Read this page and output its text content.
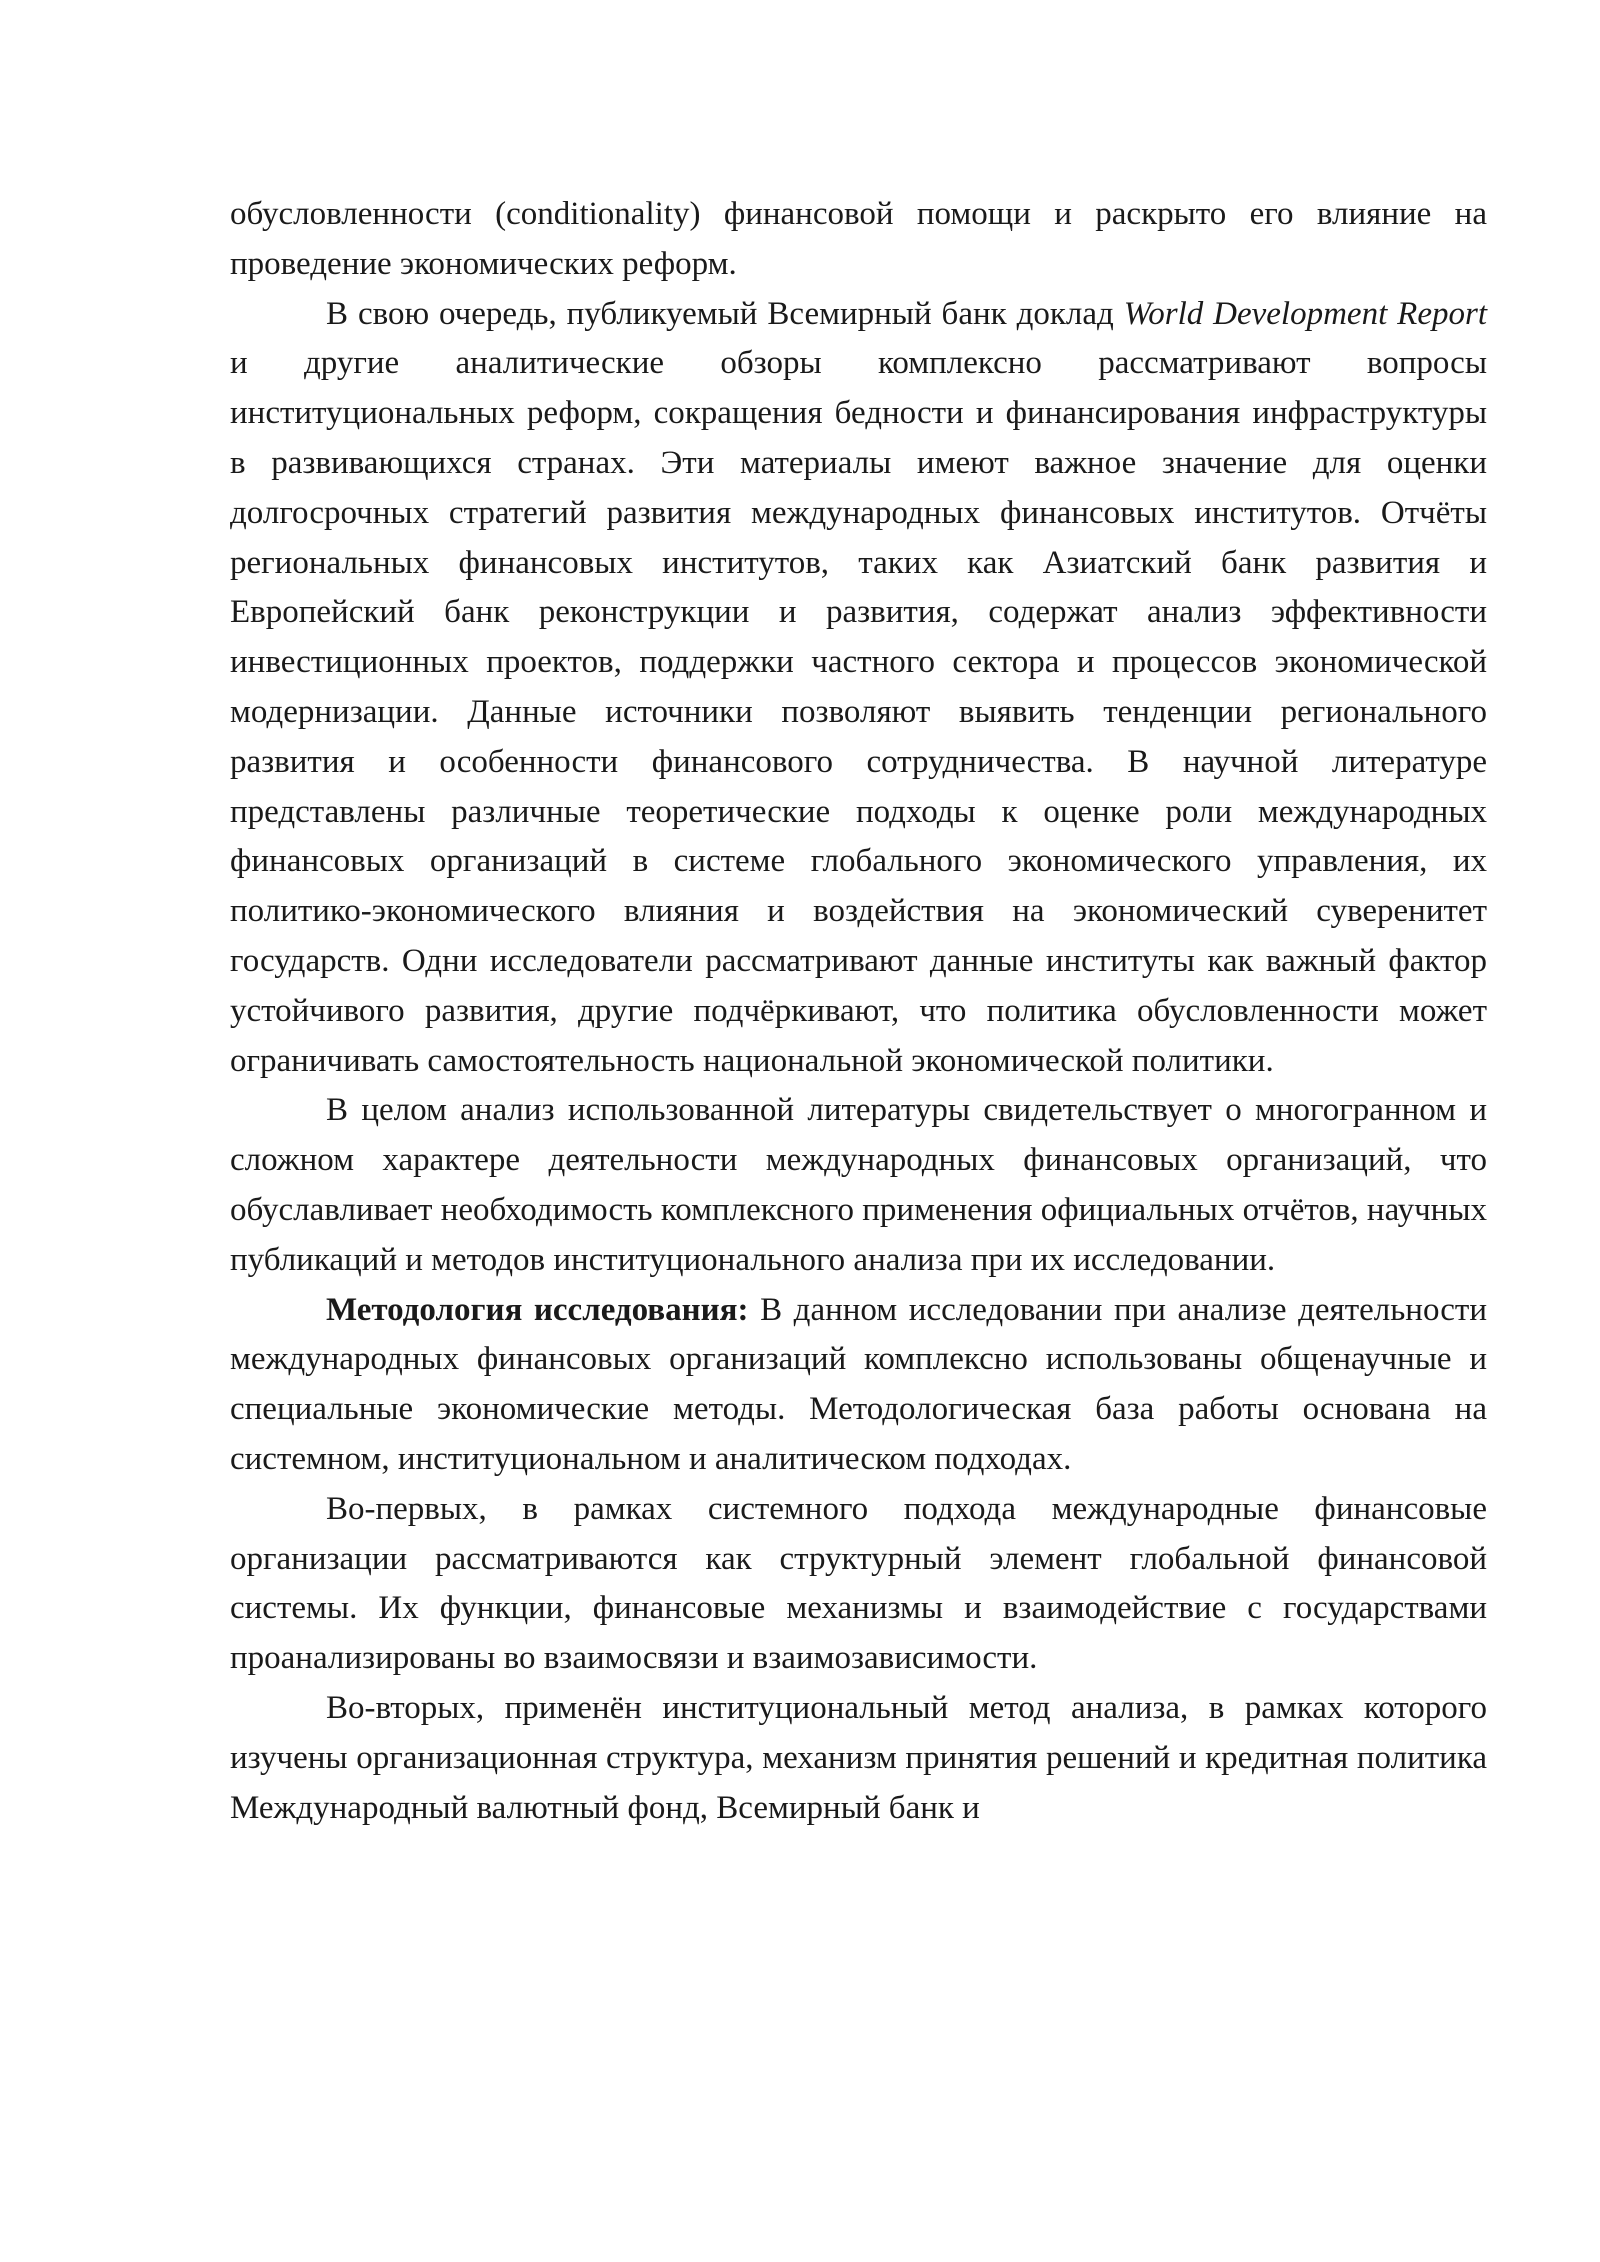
обусловленности (conditionality) финансовой помощи и раскрыто его влияние на проведение экономических реформ.

В свою очередь, публикуемый Всемирный банк доклад World Development Report и другие аналитические обзоры комплексно рассматривают вопросы институциональных реформ, сокращения бедности и финансирования инфраструктуры в развивающихся странах. Эти материалы имеют важное значение для оценки долгосрочных стратегий развития международных финансовых институтов. Отчёты региональных финансовых институтов, таких как Азиатский банк развития и Европейский банк реконструкции и развития, содержат анализ эффективности инвестиционных проектов, поддержки частного сектора и процессов экономической модернизации. Данные источники позволяют выявить тенденции регионального развития и особенности финансового сотрудничества. В научной литературе представлены различные теоретические подходы к оценке роли международных финансовых организаций в системе глобального экономического управления, их политико-экономического влияния и воздействия на экономический суверенитет государств. Одни исследователи рассматривают данные институты как важный фактор устойчивого развития, другие подчёркивают, что политика обусловленности может ограничивать самостоятельность национальной экономической политики.

В целом анализ использованной литературы свидетельствует о многогранном и сложном характере деятельности международных финансовых организаций, что обуславливает необходимость комплексного применения официальных отчётов, научных публикаций и методов институционального анализа при их исследовании.

Методология исследования: В данном исследовании при анализе деятельности международных финансовых организаций комплексно использованы общенаучные и специальные экономические методы. Методологическая база работы основана на системном, институциональном и аналитическом подходах.

Во-первых, в рамках системного подхода международные финансовые организации рассматриваются как структурный элемент глобальной финансовой системы. Их функции, финансовые механизмы и взаимодействие с государствами проанализированы во взаимосвязи и взаимозависимости.

Во-вторых, применён институциональный метод анализа, в рамках которого изучены организационная структура, механизм принятия решений и кредитная политика Международный валютный фонд, Всемирный банк и
